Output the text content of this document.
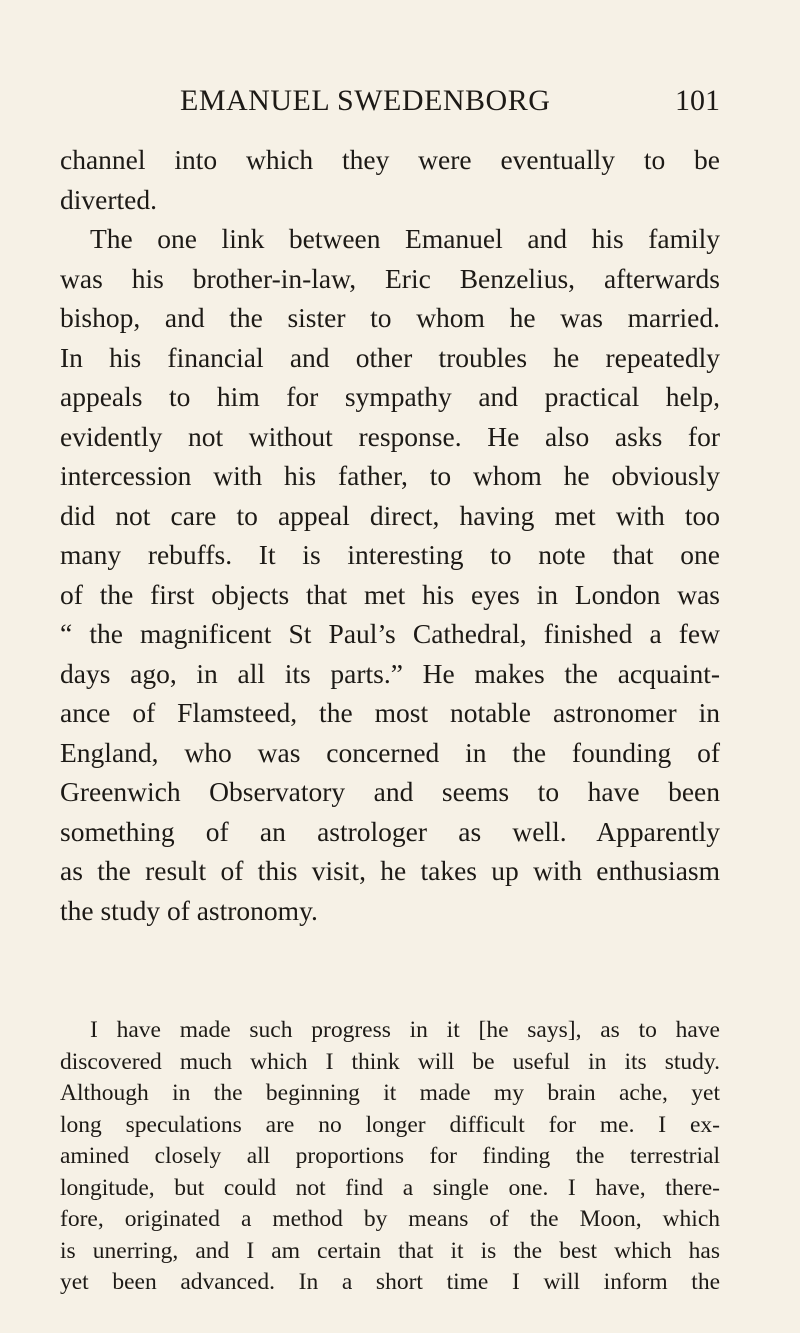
EMANUEL SWEDENBORG	101
channel into which they were eventually to be
diverted.
The one link between Emanuel and his family
was his brother-in-law, Eric Benzelius, afterwards
bishop, and the sister to whom he was married.
In his financial and other troubles he repeatedly
appeals to him for sympathy and practical help,
evidently not without response. He also asks for
intercession with his father, to whom he obviously
did not care to appeal direct, having met with too
many rebuffs. It is interesting to note that one
of the first objects that met his eyes in London was
“ the magnificent St Paul’s Cathedral, finished a few
days ago, in all its parts.” He makes the acquaint-
ance of Flamsteed, the most notable astronomer in
England, who was concerned in the founding of
Greenwich Observatory and seems to have been
something of an astrologer as well. Apparently
as the result of this visit, he takes up with enthusiasm
the study of astronomy.
I have made such progress in it [he says], as to have
discovered much which I think will be useful in its study.
Although in the beginning it made my brain ache, yet
long speculations are no longer difficult for me. I ex-
amined closely all proportions for finding the terrestrial
longitude, but could not find a single one. I have, there-
fore, originated a method by means of the Moon, which
is unerring, and I am certain that it is the best which has
yet been advanced. In a short time I will inform the
